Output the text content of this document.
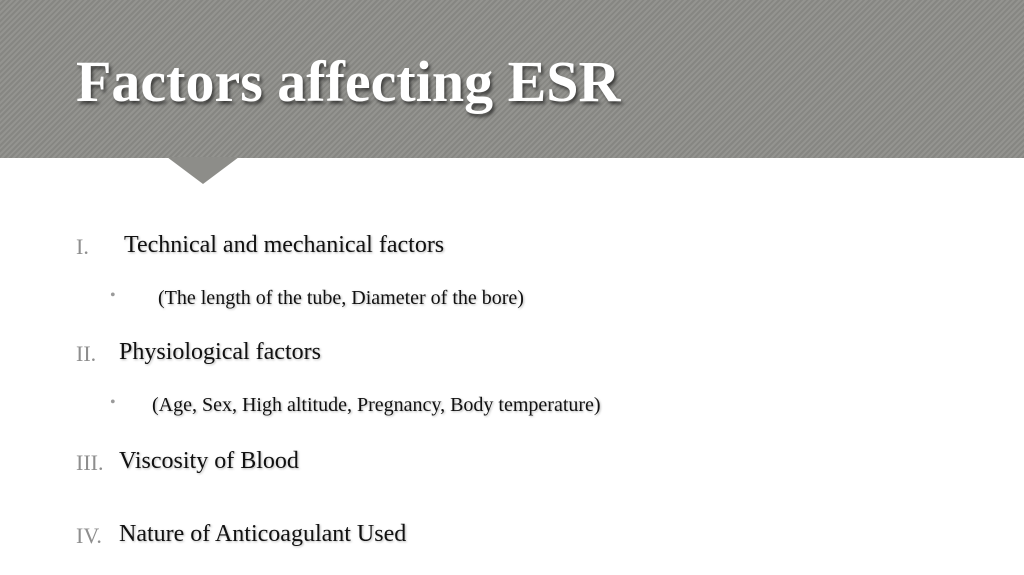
Factors affecting ESR
I. Technical and mechanical factors
• (The length of the tube, Diameter of the bore)
II. Physiological factors
• (Age, Sex, High altitude, Pregnancy, Body temperature)
III. Viscosity of Blood
IV. Nature of Anticoagulant Used
